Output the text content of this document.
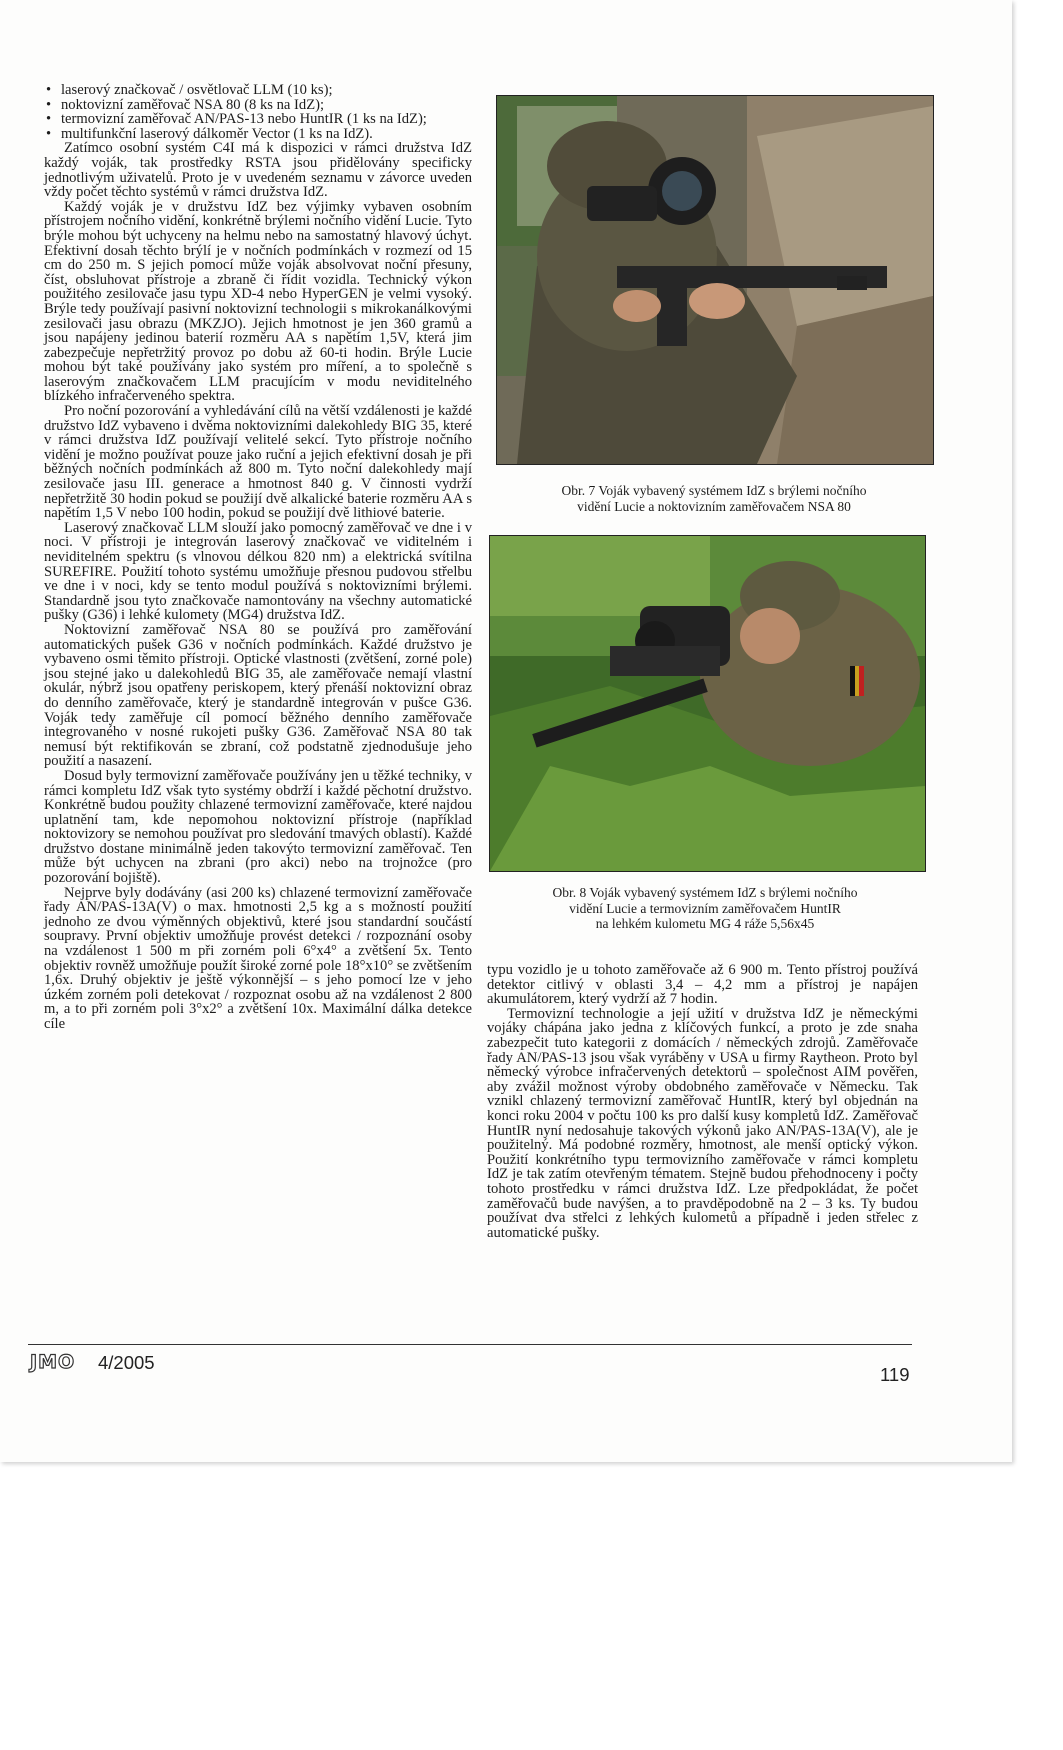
• laserový značkovač / osvětlovač LLM (10 ks);
• noktovizní zaměřovač NSA 80 (8 ks na IdZ);
• termovizní zaměřovač AN/PAS-13 nebo HuntIR (1 ks na IdZ);
• multifunkční laserový dálkoměr Vector (1 ks na IdZ).

Zatímco osobní systém C4I má k dispozici v rámci družstva IdZ každý voják, tak prostředky RSTA jsou přidělovány specificky jednotlivým uživatelů. Proto je v uvedeném seznamu v závorce uveden vždy počet těchto systémů v rámci družstva IdZ.

Každý voják je v družstvu IdZ bez výjimky vybaven osobním přístrojem nočního vidění, konkrétně brýlemi nočního vidění Lucie. Tyto brýle mohou být uchyceny na helmu nebo na samostatný hlavový úchyt. Efektivní dosah těchto brýlí je v nočních podmínkách v rozmezí od 15 cm do 250 m. S jejich pomocí může voják absolvovat noční přesuny, číst, obsluhovat přístroje a zbraně či řídit vozidla. Technický výkon použitého zesilovače jasu typu XD-4 nebo HyperGEN je velmi vysoký. Brýle tedy používají pasivní noktovizní technologii s mikrokanálkovými zesilovači jasu obrazu (MKZJO). Jejich hmotnost je jen 360 gramů a jsou napájeny jedinou baterií rozměru AA s napětím 1,5V, která jim zabezpečuje nepřetržitý provoz po dobu až 60-ti hodin. Brýle Lucie mohou být také používány jako systém pro míření, a to společně s laserovým značkovačem LLM pracujícím v modu neviditelného blízkého infračerveného spektra.

Pro noční pozorování a vyhledávání cílů na větší vzdálenosti je každé družstvo IdZ vybaveno i dvěma noktovizními dalekohledy BIG 35, které v rámci družstva IdZ používají velitelé sekcí. Tyto přístroje nočního vidění je možno používat pouze jako ruční a jejich efektivní dosah je při běžných nočních podmínkách až 800 m. Tyto noční dalekohledy mají zesilovače jasu III. generace a hmotnost 840 g. V činnosti vydrží nepřetržitě 30 hodin pokud se použijí dvě alkalické baterie rozměru AA s napětím 1,5 V nebo 100 hodin, pokud se použijí dvě lithiové baterie.

Laserový značkovač LLM slouží jako pomocný zaměřovač ve dne i v noci. V přístroji je integrován laserový značkovač ve viditelném i neviditelném spektru (s vlnovou délkou 820 nm) a elektrická svítilna SUREFIRE. Použití tohoto systému umožňuje přesnou pudovou střelbu ve dne i v noci, kdy se tento modul používá s noktovizními brýlemi. Standardně jsou tyto značkovače namontovány na všechny automatické pušky (G36) i lehké kulomety (MG4) družstva IdZ.

Noktovizní zaměřovač NSA 80 se používá pro zaměřování automatických pušek G36 v nočních podmínkách. Každé družstvo je vybaveno osmi těmito přístroji. Optické vlastnosti (zvětšení, zorné pole) jsou stejné jako u dalekohledů BIG 35, ale zaměřovače nemají vlastní okulár, nýbrž jsou opatřeny periskopem, který přenáší noktovizní obraz do denního zaměřovače, který je standardně integrován v pušce G36. Voják tedy zaměřuje cíl pomocí běžného denního zaměřovače integrovaného v nosné rukojeti pušky G36. Zaměřovač NSA 80 tak nemusí být rektifikován se zbraní, což podstatně zjednodušuje jeho použití a nasazení.

Dosud byly termovizní zaměřovače používány jen u těžké techniky, v rámci kompletu IdZ však tyto systémy obdrží i každé pěchotní družstvo. Konkrétně budou použity chlazené termovizní zaměřovače, které najdou uplatnění tam, kde nepomohou noktovizní přístroje (například noktovizory se nemohou používat pro sledování tmavých oblastí). Každé družstvo dostane minimálně jeden takovýto termovizní zaměřovač. Ten může být uchycen na zbrani (pro akci) nebo na trojnožce (pro pozorování bojiště).

Nejprve byly dodávány (asi 200 ks) chlazené termovizní zaměřovače řady AN/PAS-13A(V) o max. hmotnosti 2,5 kg a s možností použití jednoho ze dvou výměnných objektivů, které jsou standardní součástí soupravy. První objektiv umožňuje provést detekci / rozpoznání osoby na vzdálenost 1 500 m při zorném poli 6°x4° a zvětšení 5x. Tento objektiv rovněž umožňuje použít široké zorné pole 18°x10° se zvětšením 1,6x. Druhý objektiv je ještě výkonnější – s jeho pomocí lze v jeho úzkém zorném poli detekovat / rozpoznat osobu až na vzdálenost 2 800 m, a to při zorném poli 3°x2° a zvětšení 10x. Maximální dálka detekce cíle

Obr. 7 Voják vybavený systémem IdZ s brýlemi nočního
vidění Lucie a noktovizním zaměřovačem NSA 80
Obr. 8 Voják vybavený systémem IdZ s brýlemi nočního
vidění Lucie a termovizním zaměřovačem HuntIR
na lehkém kulometu MG 4 ráže 5,56x45

typu vozidlo je u tohoto zaměřovače až 6 900 m. Tento přístroj používá detektor citlivý v oblasti 3,4 – 4,2 mm a přístroj je napájen akumulátorem, který vydrží až 7 hodin.

Termovizní technologie a její užití v družstva IdZ je německými vojáky chápána jako jedna z klíčových funkcí, a proto je zde snaha zabezpečit tuto kategorii z domácích / německých zdrojů. Zaměřovače řady AN/PAS-13 jsou však vyráběny v USA u firmy Raytheon. Proto byl německý výrobce infračervených detektorů – společnost AIM pověřen, aby zvážil možnost výroby obdobného zaměřovače v Německu. Tak vznikl chlazený termovizní zaměřovač HuntIR, který byl objednán na konci roku 2004 v počtu 100 ks pro další kusy kompletů IdZ. Zaměřovač HuntIR nyní nedosahuje takových výkonů jako AN/PAS-13A(V), ale je použitelný. Má podobné rozměry, hmotnost, ale menší optický výkon. Použití konkrétního typu termovizního zaměřovače v rámci kompletu IdZ je tak zatím otevřeným tématem. Stejně budou přehodnoceny i počty tohoto prostředku v rámci družstva IdZ. Lze předpokládat, že počet zaměřovačů bude navýšen, a to pravděpodobně na 2 – 3 ks. Ty budou používat dva střelci z lehkých kulometů a případně i jeden střelec z automatické pušky.

JMO 4/2005
119
